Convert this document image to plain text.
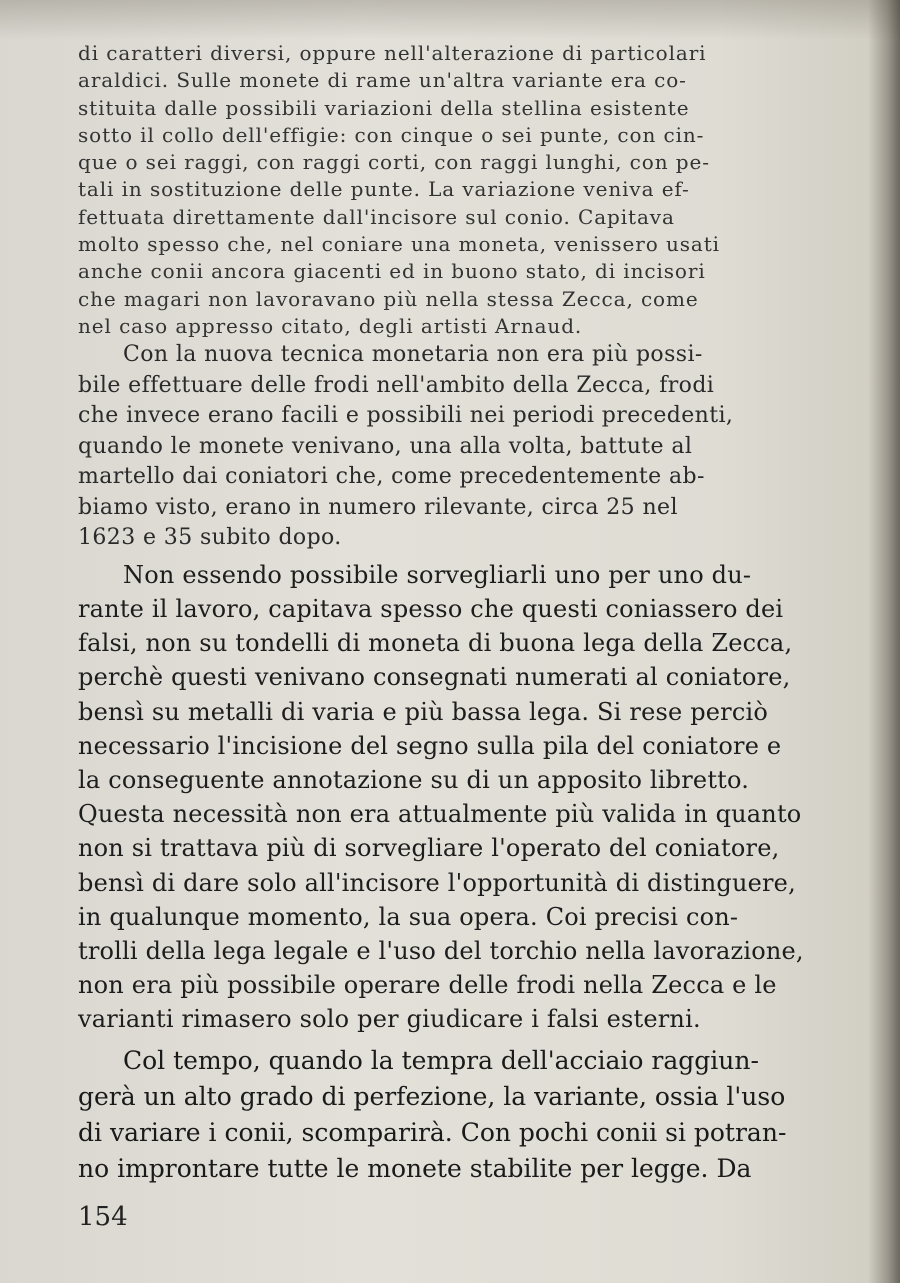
di caratteri diversi, oppure nell'alterazione di particolari
araldici. Sulle monete di rame un'altra variante era co-
stituita dalle possibili variazioni della stellina esistente
sotto il collo dell'effigie: con cinque o sei punte, con cin-
que o sei raggi, con raggi corti, con raggi lunghi, con pe-
tali in sostituzione delle punte. La variazione veniva ef-
fettuata direttamente dall'incisore sul conio. Capitava
molto spesso che, nel coniare una moneta, venissero usati
anche conii ancora giacenti ed in buono stato, di incisori
che magari non lavoravano più nella stessa Zecca, come
nel caso appresso citato, degli artisti Arnaud.
Con la nuova tecnica monetaria non era più possi-
bile effettuare delle frodi nell'ambito della Zecca, frodi
che invece erano facili e possibili nei periodi precedenti,
quando le monete venivano, una alla volta, battute al
martello dai coniatori che, come precedentemente ab-
biamo visto, erano in numero rilevante, circa 25 nel
1623 e 35 subito dopo.
Non essendo possibile sorvegliarli uno per uno du-
rante il lavoro, capitava spesso che questi coniassero dei
falsi, non su tondelli di moneta di buona lega della Zecca,
perchè questi venivano consegnati numerati al coniatore,
bensì su metalli di varia e più bassa lega. Si rese perciò
necessario l'incisione del segno sulla pila del coniatore e
la conseguente annotazione su di un apposito libretto.
Questa necessità non era attualmente più valida in quanto
non si trattava più di sorvegliare l'operato del coniatore,
bensì di dare solo all'incisore l'opportunità di distinguere,
in qualunque momento, la sua opera. Coi precisi con-
trolli della lega legale e l'uso del torchio nella lavorazione,
non era più possibile operare delle frodi nella Zecca e le
varianti rimasero solo per giudicare i falsi esterni.
Col tempo, quando la tempra dell'acciaio raggiun-
gerà un alto grado di perfezione, la variante, ossia l'uso
di variare i conii, scomparirà. Con pochi conii si potran-
no improntare tutte le monete stabilite per legge. Da
154
